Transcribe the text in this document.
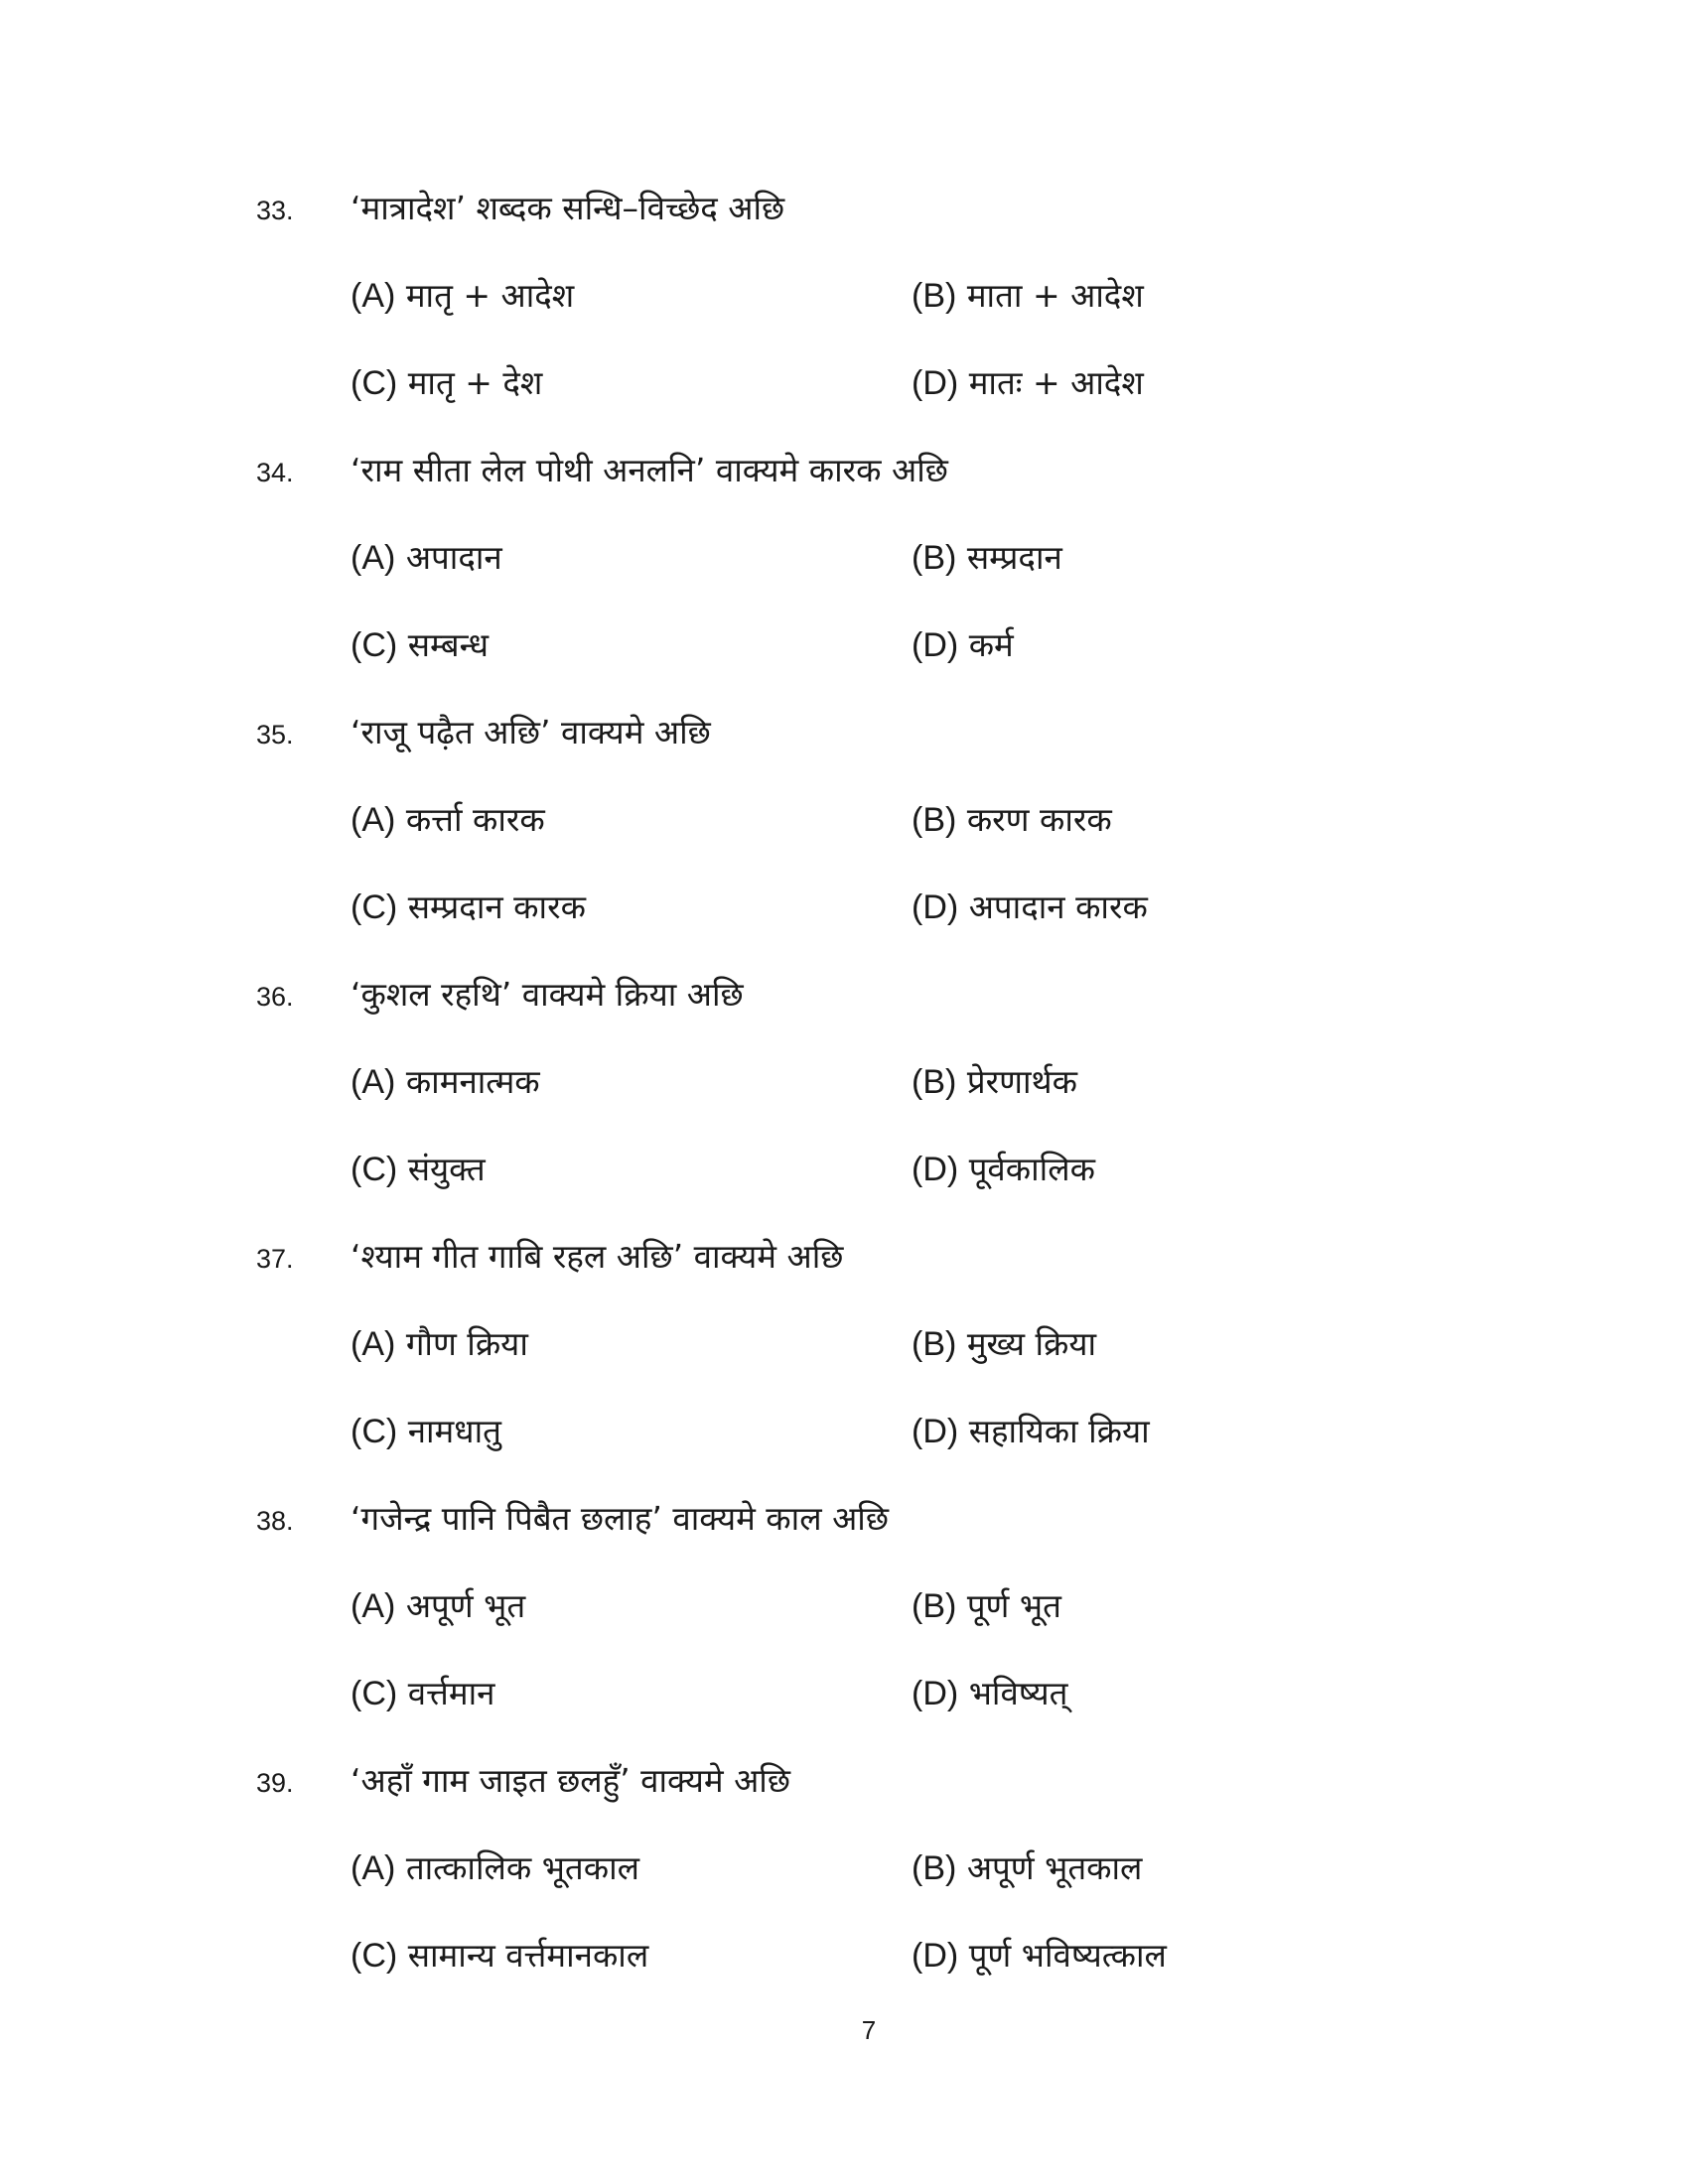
33. ‘मात्रादेश’ शब्दक सन्धि–विच्छेद अछि
(A) मातृ + आदेश	(B) माता + आदेश
(C) मातृ + देश	(D) मातः + आदेश
34. ‘राम सीता लेल पोथी अनलनि’ वाक्यमे कारक अछि
(A) अपादान	(B) सम्प्रदान
(C) सम्बन्ध	(D) कर्म
35. ‘राजू पढ़ैत अछि’ वाक्यमे अछि
(A) कर्त्ता कारक	(B) करण कारक
(C) सम्प्रदान कारक	(D) अपादान कारक
36. ‘कुशल रहथि’ वाक्यमे क्रिया अछि
(A) कामनात्मक	(B) प्रेरणार्थक
(C) संयुक्त	(D) पूर्वकालिक
37. ‘श्याम गीत गाबि रहल अछि’ वाक्यमे अछि
(A) गौण क्रिया	(B) मुख्य क्रिया
(C) नामधातु	(D) सहायिका क्रिया
38. ‘गजेन्द्र पानि पिबैत छलाह’ वाक्यमे काल अछि
(A) अपूर्ण भूत	(B) पूर्ण भूत
(C) वर्त्तमान	(D) भविष्यत्
39. ‘अहाँ गाम जाइत छलहुँ’ वाक्यमे अछि
(A) तात्कालिक भूतकाल	(B) अपूर्ण भूतकाल
(C) सामान्य वर्त्तमानकाल	(D) पूर्ण भविष्यत्काल
7
